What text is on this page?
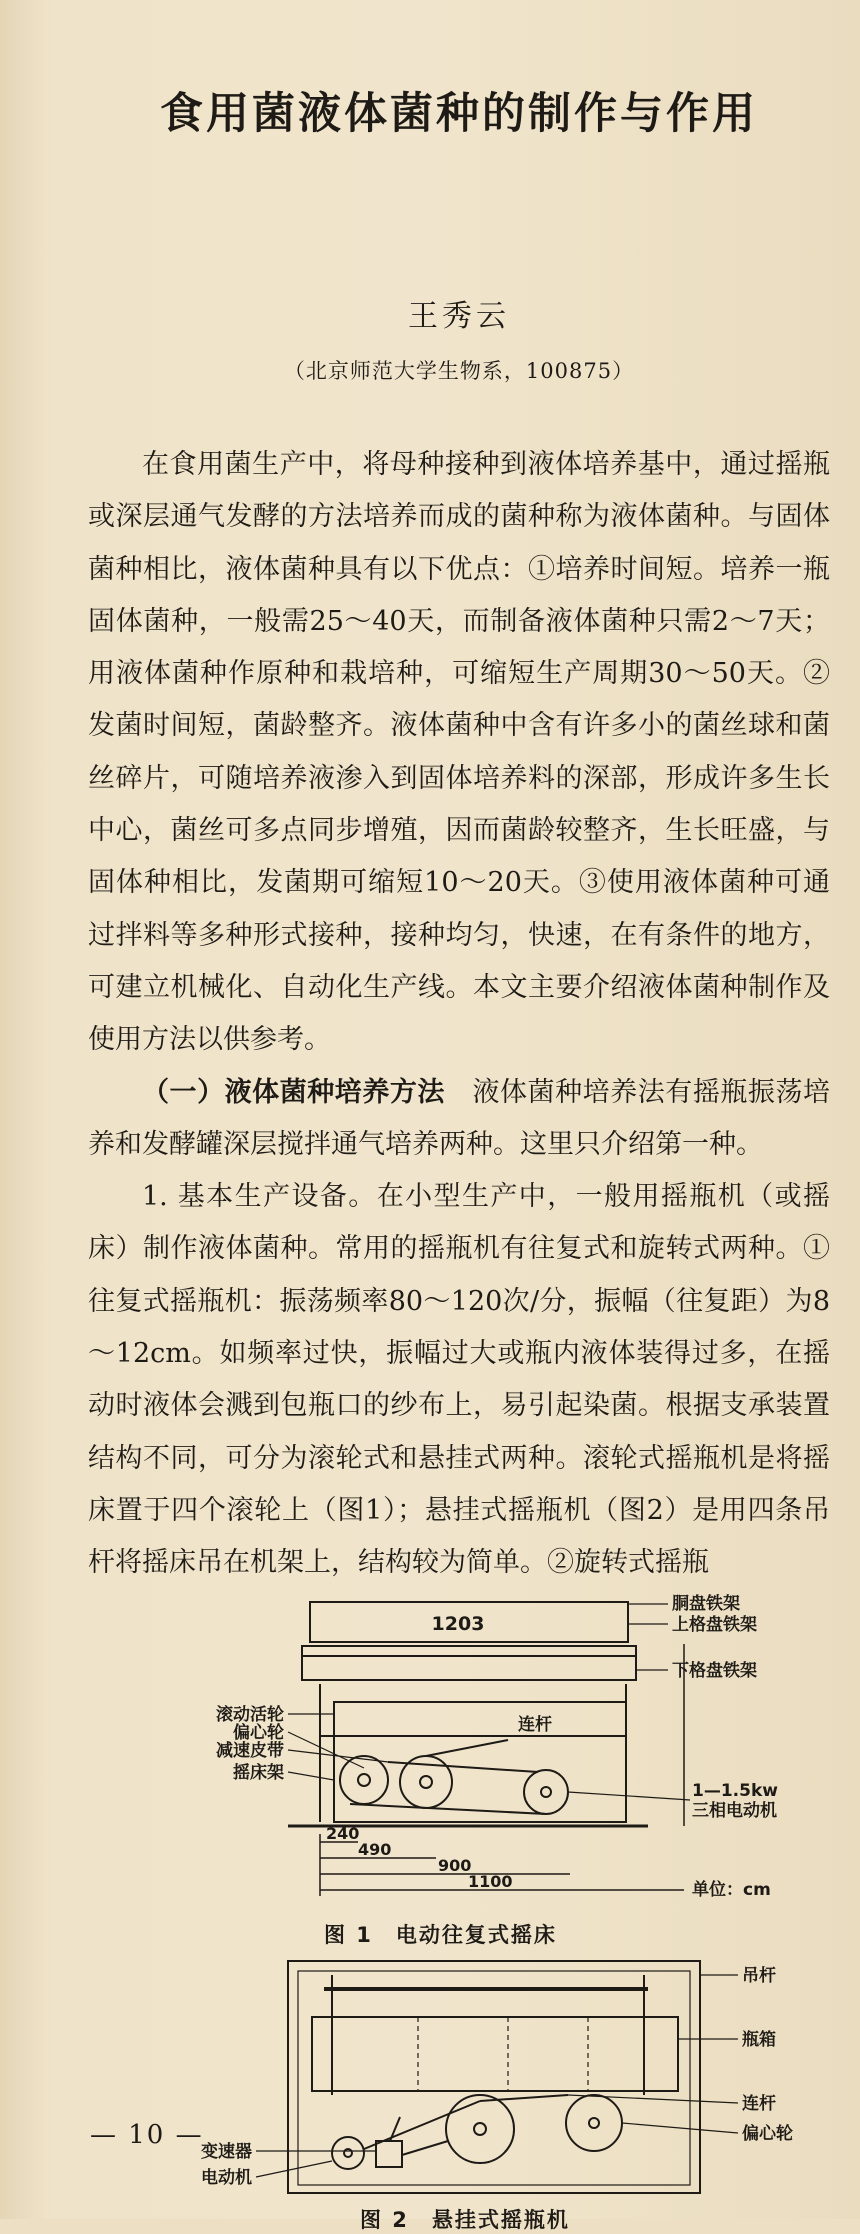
食用菌液体菌种的制作与作用
王秀云
（北京师范大学生物系，100875）

在食用菌生产中，将母种接种到液体培养基中，通过摇瓶或深层通气发酵的方法培养而成的菌种称为液体菌种。与固体菌种相比，液体菌种具有以下优点：①培养时间短。培养一瓶固体菌种，一般需25～40天，而制备液体菌种只需2～7天；用液体菌种作原种和栽培种，可缩短生产周期30～50天。②发菌时间短，菌龄整齐。液体菌种中含有许多小的菌丝球和菌丝碎片，可随培养液渗入到固体培养料的深部，形成许多生长中心，菌丝可多点同步增殖，因而菌龄较整齐，生长旺盛，与固体种相比，发菌期可缩短10～20天。③使用液体菌种可通过拌料等多种形式接种，接种均匀，快速，在有条件的地方，可建立机械化、自动化生产线。本文主要介绍液体菌种制作及使用方法以供参考。

（一）液体菌种培养方法　 液体菌种培养法有摇瓶振荡培养和发酵罐深层搅拌通气培养两种。这里只介绍第一种。

1. 基本生产设备。在小型生产中，一般用摇瓶机（或摇床）制作液体菌种。常用的摇瓶机有往复式和旋转式两种。①往复式摇瓶机：振荡频率80～120次/分，振幅（往复距）为8～12cm。如频率过快，振幅过大或瓶内液体装得过多，在摇动时液体会溅到包瓶口的纱布上，易引起染菌。根据支承装置结构不同，可分为滚轮式和悬挂式两种。滚轮式摇瓶机是将摇床置于四个滚轮上（图1）；悬挂式摇瓶机（图2）是用四条吊杆将摇床吊在机架上，结构较为简单。②旋转式摇瓶

1203
胴盘铁架
上格盘铁架
下格盘铁架
滚动活轮
偏心轮
减速皮带
摇床架
连杆
1—1.5kw
三相电动机
240
490
900
1100	单位：cm
图 1　电动往复式摇床
吊杆
瓶箱
连杆
偏心轮
变速器
电动机
图 2　悬挂式摇瓶机
— 10 —
